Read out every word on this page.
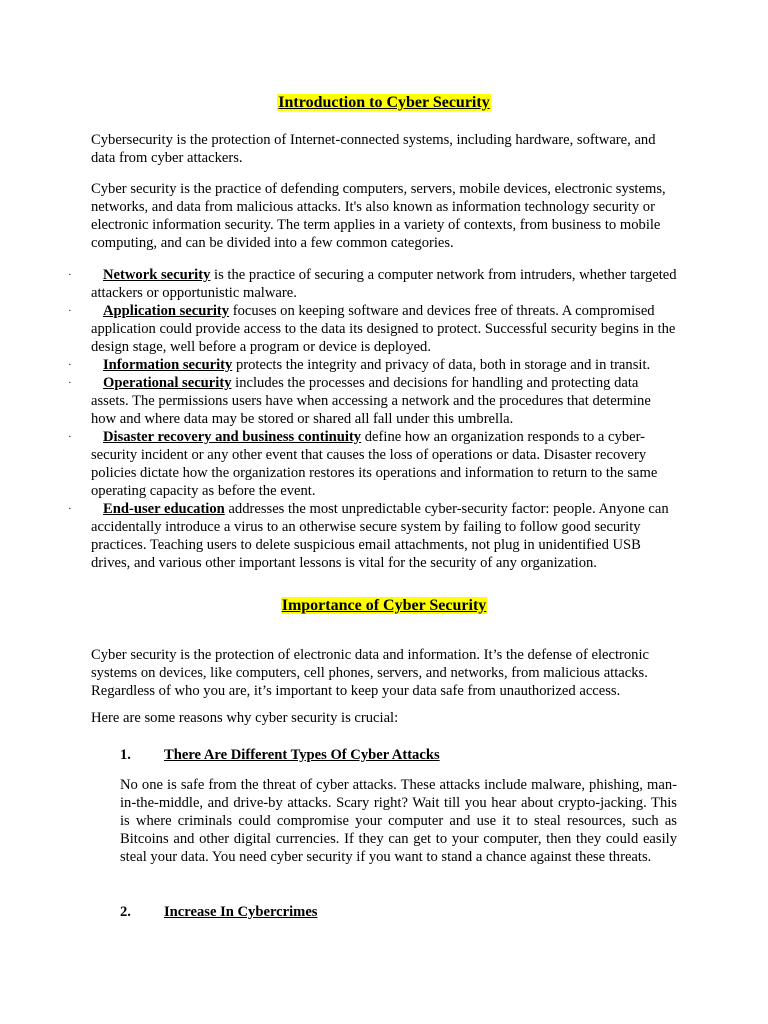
Introduction to Cyber Security

Cybersecurity is the protection of Internet-connected systems, including hardware, software, and data from cyber attackers.

Cyber security is the practice of defending computers, servers, mobile devices, electronic systems, networks, and data from malicious attacks. It's also known as information technology security or electronic information security. The term applies in a variety of contexts, from business to mobile computing, and can be divided into a few common categories.

· Network security is the practice of securing a computer network from intruders, whether targeted attackers or opportunistic malware.
· Application security focuses on keeping software and devices free of threats. A compromised application could provide access to the data its designed to protect. Successful security begins in the design stage, well before a program or device is deployed.
· Information security protects the integrity and privacy of data, both in storage and in transit.
· Operational security includes the processes and decisions for handling and protecting data assets. The permissions users have when accessing a network and the procedures that determine how and where data may be stored or shared all fall under this umbrella.
· Disaster recovery and business continuity define how an organization responds to a cyber-security incident or any other event that causes the loss of operations or data. Disaster recovery policies dictate how the organization restores its operations and information to return to the same operating capacity as before the event.
· End-user education addresses the most unpredictable cyber-security factor: people. Anyone can accidentally introduce a virus to an otherwise secure system by failing to follow good security practices. Teaching users to delete suspicious email attachments, not plug in unidentified USB drives, and various other important lessons is vital for the security of any organization.
Importance of Cyber Security

Cyber security is the protection of electronic data and information. It’s the defense of electronic systems on devices, like computers, cell phones, servers, and networks, from malicious attacks. Regardless of who you are, it’s important to keep your data safe from unauthorized access.

Here are some reasons why cyber security is crucial:

1. There Are Different Types Of Cyber Attacks

No one is safe from the threat of cyber attacks. These attacks include malware, phishing, man-in-the-middle, and drive-by attacks. Scary right? Wait till you hear about crypto-jacking. This is where criminals could compromise your computer and use it to steal resources, such as Bitcoins and other digital currencies. If they can get to your computer, then they could easily steal your data. You need cyber security if you want to stand a chance against these threats.

2. Increase In Cybercrimes
